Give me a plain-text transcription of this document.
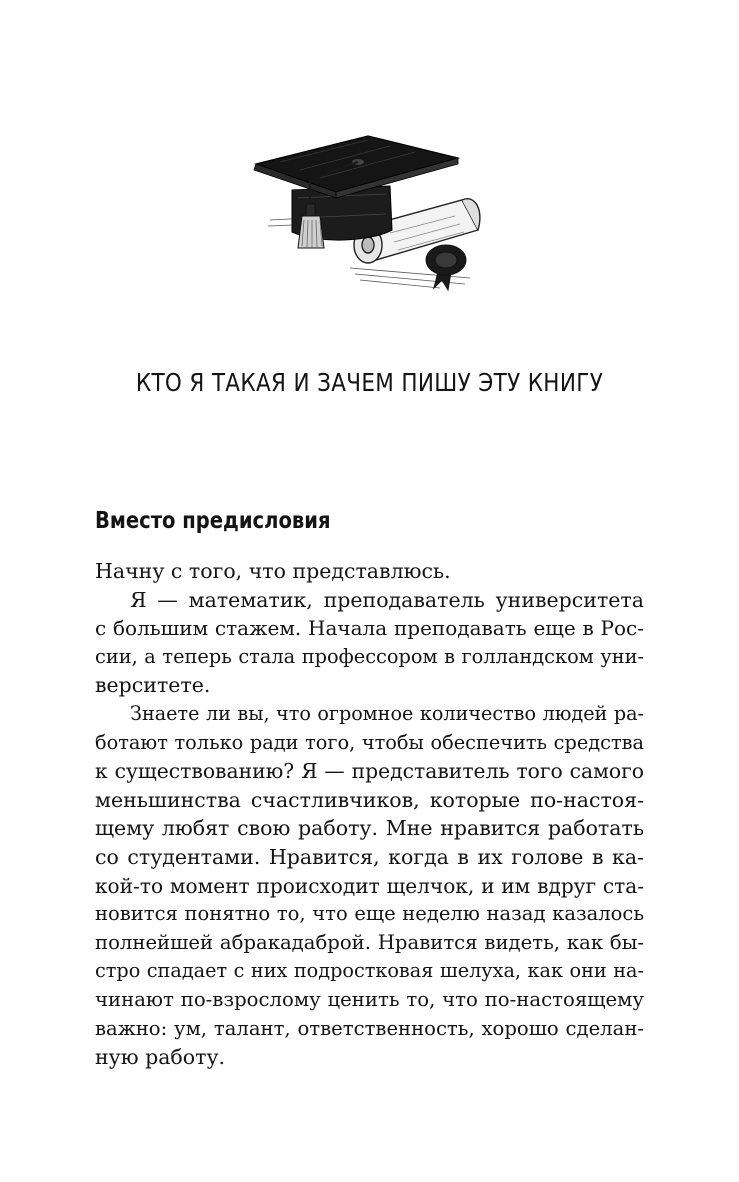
КТО Я ТАКАЯ И ЗАЧЕМ ПИШУ ЭТУ КНИГУ
Вместо предисловия
Начну с того, что представлюсь.
Я — математик, преподаватель университета
с большим стажем. Начала преподавать еще в Рос-
сии, а теперь стала профессором в голландском уни-
верситете.
Знаете ли вы, что огромное количество людей ра-
ботают только ради того, чтобы обеспечить средства
к существованию? Я — представитель того самого
меньшинства счастливчиков, которые по-настоя-
щему любят свою работу. Мне нравится работать
со студентами. Нравится, когда в их голове в ка-
кой-то момент происходит щелчок, и им вдруг ста-
новится понятно то, что еще неделю назад казалось
полнейшей абракадаброй. Нравится видеть, как бы-
стро спадает с них подростковая шелуха, как они на-
чинают по-взрослому ценить то, что по-настоящему
важно: ум, талант, ответственность, хорошо сделан-
ную работу.
